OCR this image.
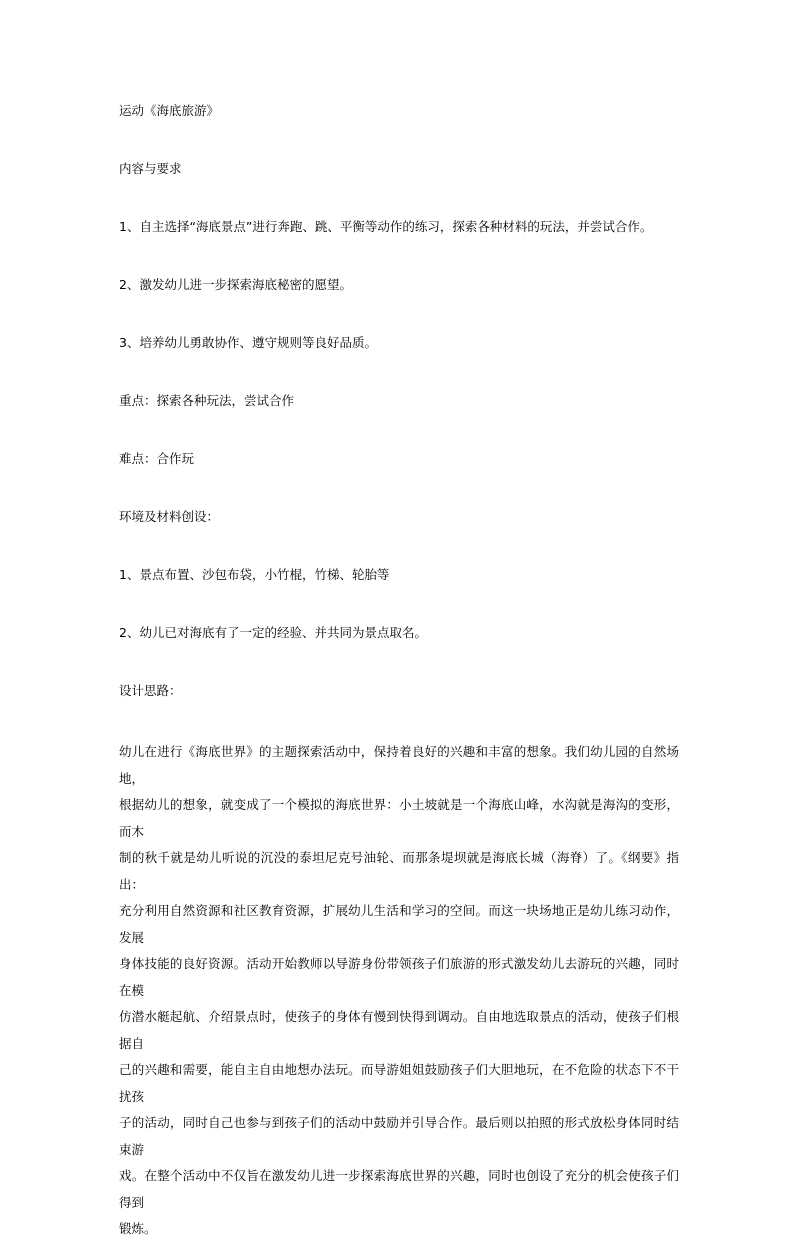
运动《海底旅游》
内容与要求
1、自主选择“海底景点”进行奔跑、跳、平衡等动作的练习，探索各种材料的玩法，并尝试合作。
2、激发幼儿进一步探索海底秘密的愿望。
3、培养幼儿勇敢协作、遵守规则等良好品质。
重点：探索各种玩法，尝试合作
难点：合作玩
环境及材料创设：
1、景点布置、沙包布袋，小竹棍，竹梯、轮胎等
2、幼儿已对海底有了一定的经验、并共同为景点取名。
设计思路：
幼儿在进行《海底世界》的主题探索活动中，保持着良好的兴趣和丰富的想象。我们幼儿园的自然场地，
根据幼儿的想象，就变成了一个模拟的海底世界：小土坡就是一个海底山峰，水沟就是海沟的变形，而木
制的秋千就是幼儿听说的沉没的泰坦尼克号油轮、而那条堤坝就是海底长城（海脊）了。《纲要》指出：
充分利用自然资源和社区教育资源，扩展幼儿生活和学习的空间。而这一块场地正是幼儿练习动作，发展
身体技能的良好资源。活动开始教师以导游身份带领孩子们旅游的形式激发幼儿去游玩的兴趣，同时在模
仿潜水艇起航、介绍景点时，使孩子的身体有慢到快得到调动。自由地选取景点的活动，使孩子们根据自
己的兴趣和需要，能自主自由地想办法玩。而导游姐姐鼓励孩子们大胆地玩，在不危险的状态下不干扰孩
子的活动，同时自己也参与到孩子们的活动中鼓励并引导合作。最后则以拍照的形式放松身体同时结束游
戏。在整个活动中不仅旨在激发幼儿进一步探索海底世界的兴趣，同时也创设了充分的机会使孩子们得到
锻炼。
